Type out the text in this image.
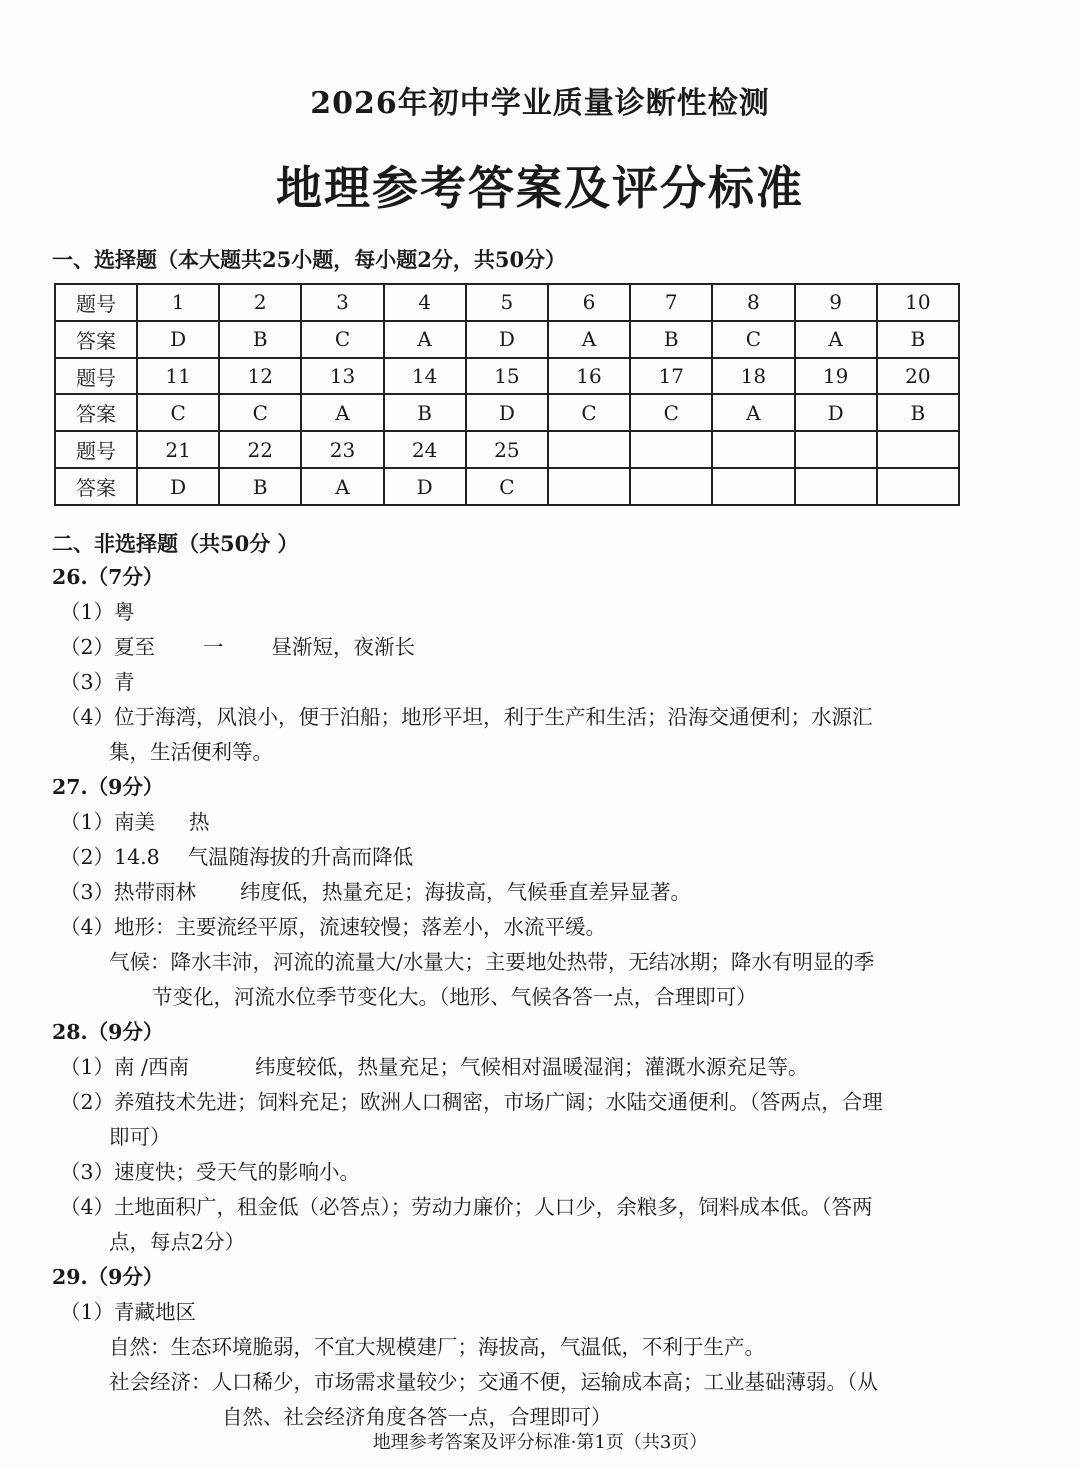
2026年初中学业质量诊断性检测
地理参考答案及评分标准
一、选择题（本大题共25小题，每小题2分，共50分）
题号	1	2	3	4	5	6	7	8	9	10
答案	D	B	C	A	D	A	B	C	A	B
题号	11	12	13	14	15	16	17	18	19	20
答案	C	C	A	B	D	C	C	A	D	B
题号	21	22	23	24	25					
答案	D	B	A	D	C					
二、非选择题（共50分 ）
26.（7分）
（1）粤
（2）夏至 一 昼渐短，夜渐长
（3）青
（4）位于海湾，风浪小，便于泊船；地形平坦，利于生产和生活；沿海交通便利；水源汇
集，生活便利等。
27.（9分）
（1）南美 热
（2）14.8 气温随海拔的升高而降低
（3）热带雨林 纬度低，热量充足；海拔高，气候垂直差异显著。
（4）地形：主要流经平原，流速较慢；落差小，水流平缓。
气候：降水丰沛，河流的流量大/水量大；主要地处热带，无结冰期；降水有明显的季
节变化，河流水位季节变化大。（地形、气候各答一点，合理即可）
28.（9分）
（1）南 /西南	纬度较低，热量充足；气候相对温暖湿润；灌溉水源充足等。
（2）养殖技术先进；饲料充足；欧洲人口稠密，市场广阔；水陆交通便利。（答两点，合理
即可）
（3）速度快；受天气的影响小。
（4）土地面积广，租金低（必答点）；劳动力廉价；人口少，余粮多，饲料成本低。（答两
点，每点2分）
29.（9分）
（1）青藏地区
自然：生态环境脆弱，不宜大规模建厂；海拔高，气温低，不利于生产。
社会经济：人口稀少，市场需求量较少；交通不便，运输成本高；工业基础薄弱。（从
自然、社会经济角度各答一点，合理即可）
地理参考答案及评分标准·第1页（共3页）
